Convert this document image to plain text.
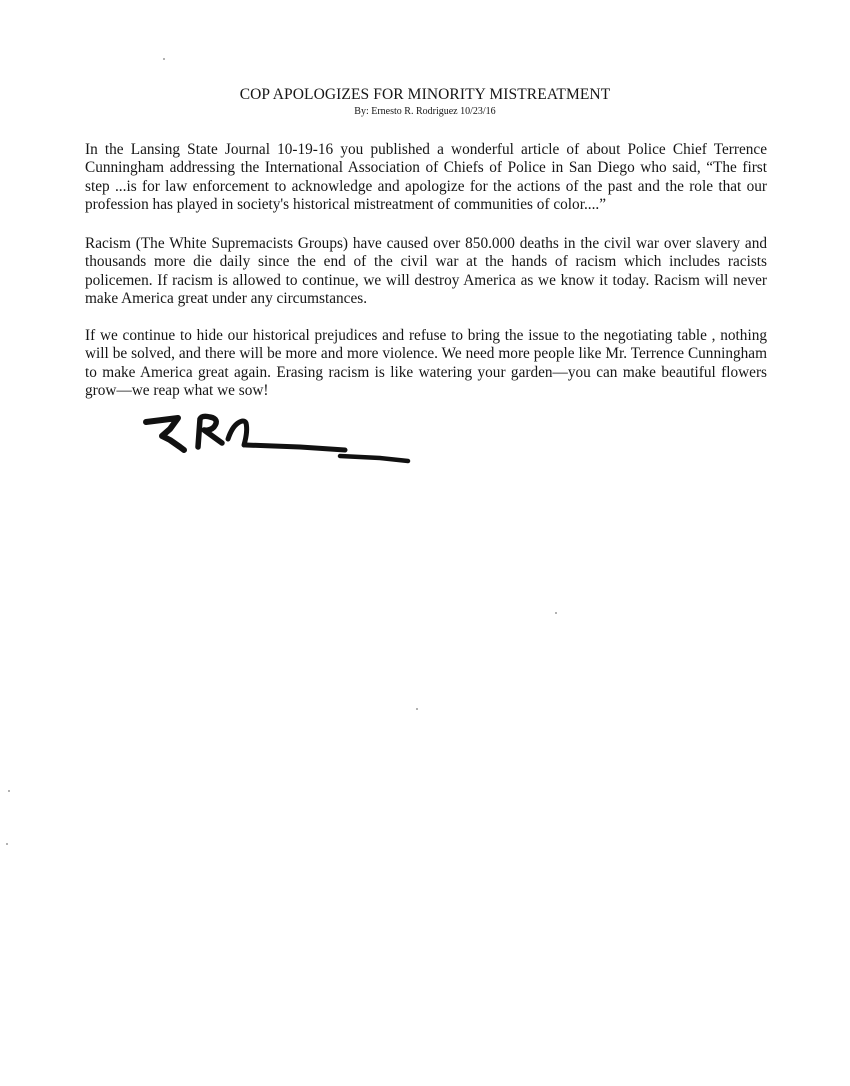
COP APOLOGIZES FOR MINORITY MISTREATMENT

By: Ernesto R. Rodriguez 10/23/16

In the Lansing State Journal 10-19-16 you published a wonderful article of about Police Chief Terrence Cunningham addressing the International Association of Chiefs of Police in San Diego who said, “The first step ...is for law enforcement to acknowledge and apologize for the actions of the past and the role that our profession has played in society's historical mistreatment of communities of color....”

Racism (The White Supremacists Groups) have caused over 850.000 deaths in the civil war over slavery and thousands more die daily since the end of the civil war at the hands of racism which includes racists policemen. If racism is allowed to continue, we will destroy America as we know it today. Racism will never make America great under any circumstances.

If we continue to hide our historical prejudices and refuse to bring the issue to the negotiating table , nothing will be solved, and there will be more and more violence. We need more people like Mr. Terrence Cunningham to make America great again. Erasing racism is like watering your garden—you can make beautiful flowers grow—we reap what we sow!
